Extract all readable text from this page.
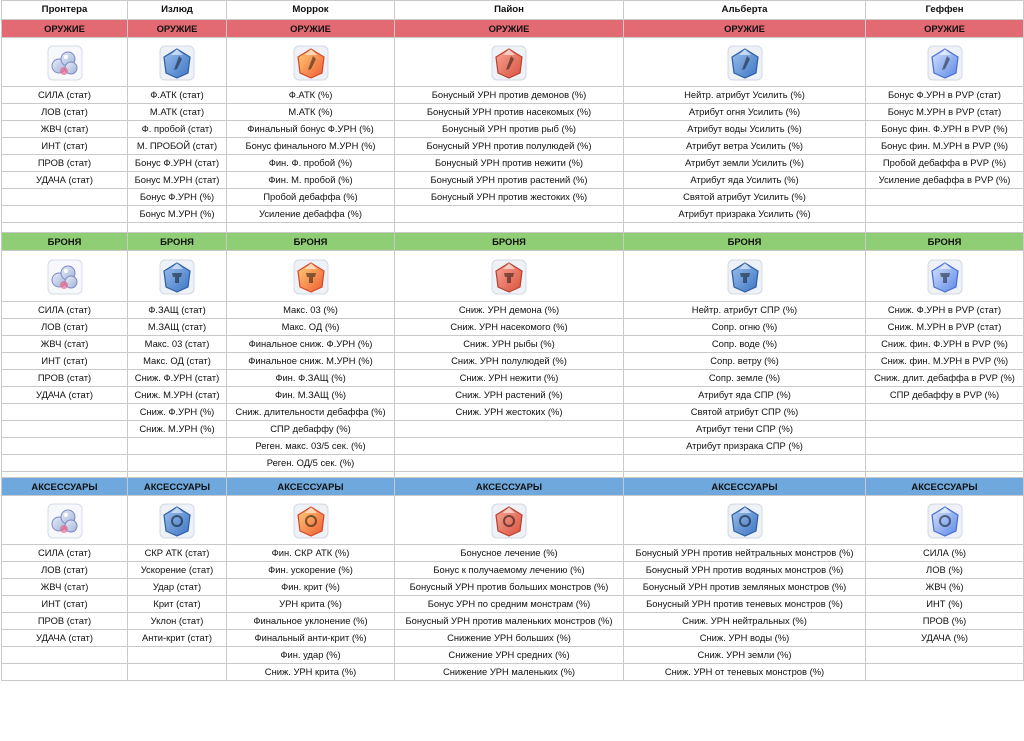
Пронтера	Излюд	Моррок	Пайон	Альберта	Геффен
ОРУЖИЕ	ОРУЖИЕ	ОРУЖИЕ	ОРУЖИЕ	ОРУЖИЕ	ОРУЖИЕ

СИЛА (стат)	Ф.АТК (стат)	Ф.АТК (%)	Бонусный УРН против демонов (%)	Нейтр. атрибут Усилить (%)	Бонус Ф.УРН в PVP (стат)
ЛОВ (стат)	М.АТК (стат)	М.АТК (%)	Бонусный УРН против насекомых (%)	Атрибут огня Усилить (%)	Бонус М.УРН в PVP (стат)
ЖВЧ (стат)	Ф. пробой (стат)	Финальный бонус Ф.УРН (%)	Бонусный УРН против рыб (%)	Атрибут воды Усилить (%)	Бонус фин. Ф.УРН в PVP (%)
ИНТ (стат)	М. ПРОБОЙ (стат)	Бонус финального М.УРН (%)	Бонусный УРН против полулюдей (%)	Атрибут ветра Усилить (%)	Бонус фин. М.УРН в PVP (%)
ПРОВ (стат)	Бонус Ф.УРН (стат)	Фин. Ф. пробой (%)	Бонусный УРН против нежити (%)	Атрибут земли Усилить (%)	Пробой дебаффа в PVP (%)
УДАЧА (стат)	Бонус М.УРН (стат)	Фин. М. пробой (%)	Бонусный УРН против растений (%)	Атрибут яда Усилить (%)	Усиление дебаффа в PVP (%)
	Бонус Ф.УРН (%)	Пробой дебаффа (%)	Бонусный УРН против жестоких (%)	Святой атрибут Усилить (%)	
	Бонус М.УРН (%)	Усиление дебаффа (%)		Атрибут призрака Усилить (%)	

БРОНЯ	БРОНЯ	БРОНЯ	БРОНЯ	БРОНЯ	БРОНЯ

СИЛА (стат)	Ф.ЗАЩ (стат)	Макс. 03 (%)	Сниж. УРН демона (%)	Нейтр. атрибут СПР (%)	Сниж. Ф.УРН в PVP (стат)
ЛОВ (стат)	М.ЗАЩ (стат)	Макс. ОД (%)	Сниж. УРН насекомого (%)	Сопр. огню (%)	Сниж. М.УРН в PVP (стат)
ЖВЧ (стат)	Макс. 03 (стат)	Финальное сниж. Ф.УРН (%)	Сниж. УРН рыбы (%)	Сопр. воде (%)	Сниж. фин. Ф.УРН в PVP (%)
ИНТ (стат)	Макс. ОД (стат)	Финальное сниж. М.УРН (%)	Сниж. УРН полулюдей (%)	Сопр. ветру (%)	Сниж. фин. М.УРН в PVP (%)
ПРОВ (стат)	Сниж. Ф.УРН (стат)	Фин. Ф.ЗАЩ (%)	Сниж. УРН нежити (%)	Сопр. земле (%)	Сниж. длит. дебаффа в PVP (%)
УДАЧА (стат)	Сниж. М.УРН (стат)	Фин. М.ЗАЩ (%)	Сниж. УРН растений (%)	Атрибут яда СПР (%)	СПР дебаффу в PVP (%)
	Сниж. Ф.УРН (%)	Сниж. длительности дебаффа (%)	Сниж. УРН жестоких (%)	Святой атрибут СПР (%)	
	Сниж. М.УРН (%)	СПР дебаффу (%)		Атрибут тени СПР (%)	
		Реген. макс. 03/5 сек. (%)		Атрибут призрака СПР (%)	
		Реген. ОД/5 сек. (%)			

АКСЕССУАРЫ	АКСЕССУАРЫ	АКСЕССУАРЫ	АКСЕССУАРЫ	АКСЕССУАРЫ	АКСЕССУАРЫ

СИЛА (стат)	СКР АТК (стат)	Фин. СКР АТК (%)	Бонусное лечение (%)	Бонусный УРН против нейтральных монстров (%)	СИЛА (%)
ЛОВ (стат)	Ускорение (стат)	Фин. ускорение (%)	Бонус к получаемому лечению (%)	Бонусный УРН против водяных монстров (%)	ЛОВ (%)
ЖВЧ (стат)	Удар (стат)	Фин. крит (%)	Бонусный УРН против больших монстров (%)	Бонусный УРН против земляных монстров (%)	ЖВЧ (%)
ИНТ (стат)	Крит (стат)	УРН крита (%)	Бонус УРН по средним монстрам (%)	Бонусный УРН против теневых монстров (%)	ИНТ (%)
ПРОВ (стат)	Уклон (стат)	Финальное уклонение (%)	Бонусный УРН против маленьких монстров (%)	Сниж. УРН нейтральных (%)	ПРОВ (%)
УДАЧА (стат)	Анти-крит (стат)	Финальный анти-крит (%)	Снижение УРН больших (%)	Сниж. УРН воды (%)	УДАЧА (%)
		Фин. удар (%)	Снижение УРН средних (%)	Сниж. УРН земли (%)	
		Сниж. УРН крита (%)	Снижение УРН маленьких (%)	Сниж. УРН от теневых монстров (%)	
